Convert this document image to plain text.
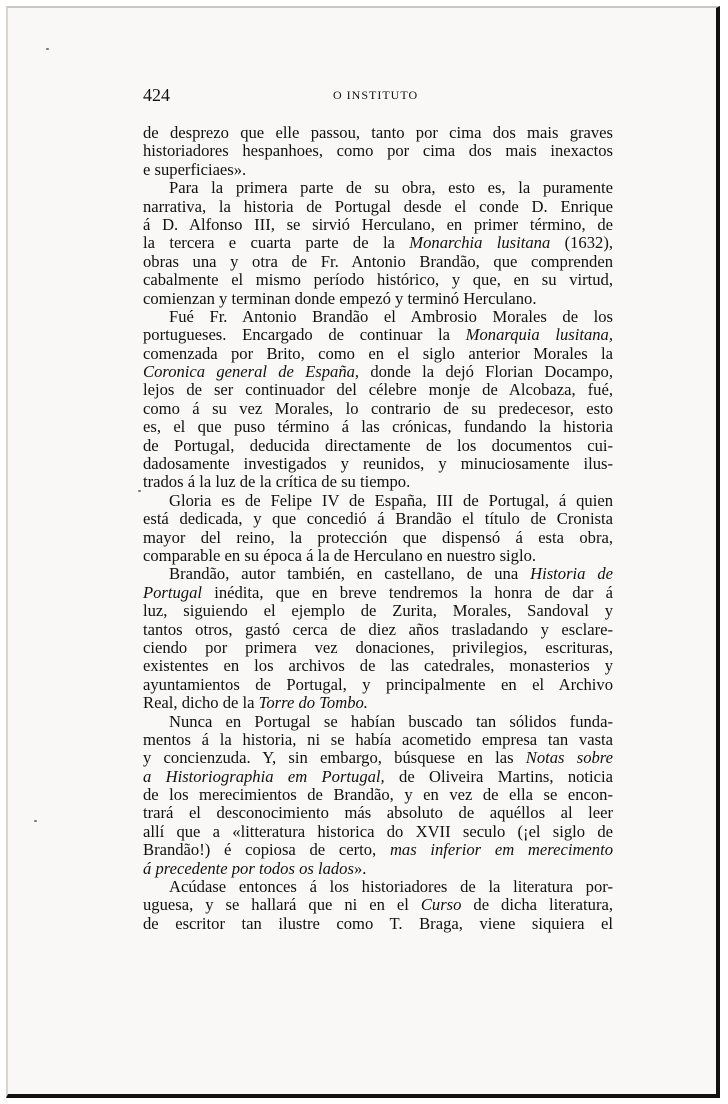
424	O INSTITUTO
de desprezo que elle passou, tanto por cima dos mais graves
historiadores hespanhoes, como por cima dos mais inexactos
e superficiaes».
Para la primera parte de su obra, esto es, la puramente
narrativa, la historia de Portugal desde el conde D. Enrique
á D. Alfonso III, se sirvió Herculano, en primer término, de
la tercera e cuarta parte de la Monarchia lusitana (1632),
obras una y otra de Fr. Antonio Brandão, que comprenden
cabalmente el mismo período histórico, y que, en su virtud,
comienzan y terminan donde empezó y terminó Herculano.
Fué Fr. Antonio Brandão el Ambrosio Morales de los
portugueses. Encargado de continuar la Monarquia lusitana,
comenzada por Brito, como en el siglo anterior Morales la
Coronica general de España, donde la dejó Florian Docampo,
lejos de ser continuador del célebre monje de Alcobaza, fué,
como á su vez Morales, lo contrario de su predecesor, esto
es, el que puso término á las crónicas, fundando la historia
de Portugal, deducida directamente de los documentos cui-
dadosamente investigados y reunidos, y minuciosamente ilus-
trados á la luz de la crítica de su tiempo.
Gloria es de Felipe IV de España, III de Portugal, á quien
está dedicada, y que concedió á Brandão el título de Cronista
mayor del reino, la protección que dispensó á esta obra,
comparable en su época á la de Herculano en nuestro siglo.
Brandão, autor también, en castellano, de una Historia de
Portugal inédita, que en breve tendremos la honra de dar á
luz, siguiendo el ejemplo de Zurita, Morales, Sandoval y
tantos otros, gastó cerca de diez años trasladando y esclare-
ciendo por primera vez donaciones, privilegios, escrituras,
existentes en los archivos de las catedrales, monasterios y
ayuntamientos de Portugal, y principalmente en el Archivo
Real, dicho de la Torre do Tombo.
Nunca en Portugal se habían buscado tan sólidos funda-
mentos á la historia, ni se había acometido empresa tan vasta
y concienzuda. Y, sin embargo, búsquese en las Notas sobre
a Historiographia em Portugal, de Oliveira Martins, noticia
de los merecimientos de Brandão, y en vez de ella se encon-
trará el desconocimiento más absoluto de aquéllos al leer
allí que a «litteratura historica do XVII seculo (¡el siglo de
Brandão!) é copiosa de certo, mas inferior em merecimento
á precedente por todos os lados».
Acúdase entonces á los historiadores de la literatura por-
uguesa, y se hallará que ni en el Curso de dicha literatura,
de escritor tan ilustre como T. Braga, viene siquiera el
